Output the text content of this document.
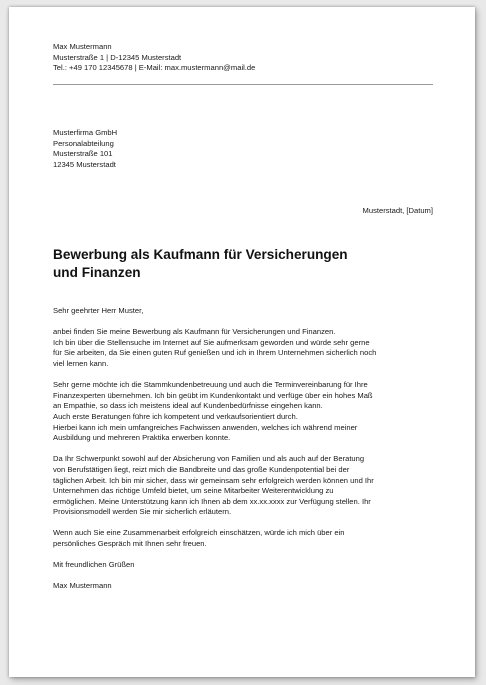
Max Mustermann
Musterstraße 1 | D-12345 Musterstadt
Tel.: +49 170 12345678 | E-Mail: max.mustermann@mail.de
Musterfirma GmbH
Personalabteilung
Musterstraße 101
12345 Musterstadt
Musterstadt, [Datum]
Bewerbung als Kaufmann für Versicherungen
und Finanzen
Sehr geehrter Herr Muster,
anbei finden Sie meine Bewerbung als Kaufmann für Versicherungen und Finanzen.
Ich bin über die Stellensuche im Internet auf Sie aufmerksam geworden und würde sehr gerne
für Sie arbeiten, da Sie einen guten Ruf genießen und ich in Ihrem Unternehmen sicherlich noch
viel lernen kann.
Sehr gerne möchte ich die Stammkundenbetreuung und auch die Terminvereinbarung für Ihre
Finanzexperten übernehmen. Ich bin geübt im Kundenkontakt und verfüge über ein hohes Maß
an Empathie, so dass ich meistens ideal auf Kundenbedürfnisse eingehen kann.
Auch erste Beratungen führe ich kompetent und verkaufsorientiert durch.
Hierbei kann ich mein umfangreiches Fachwissen anwenden, welches ich während meiner
Ausbildung und mehreren Praktika erwerben konnte.
Da Ihr Schwerpunkt sowohl auf der Absicherung von Familien und als auch auf der Beratung
von Berufstätigen liegt, reizt mich die Bandbreite und das große Kundenpotential bei der
täglichen Arbeit. Ich bin mir sicher, dass wir gemeinsam sehr erfolgreich werden können und Ihr
Unternehmen das richtige Umfeld bietet, um seine Mitarbeiter Weiterentwicklung zu
ermöglichen. Meine Unterstützung kann ich Ihnen ab dem xx.xx.xxxx zur Verfügung stellen. Ihr
Provisionsmodell werden Sie mir sicherlich erläutern.
Wenn auch Sie eine Zusammenarbeit erfolgreich einschätzen, würde ich mich über ein
persönliches Gespräch mit Ihnen sehr freuen.
Mit freundlichen Grüßen
Max Mustermann
